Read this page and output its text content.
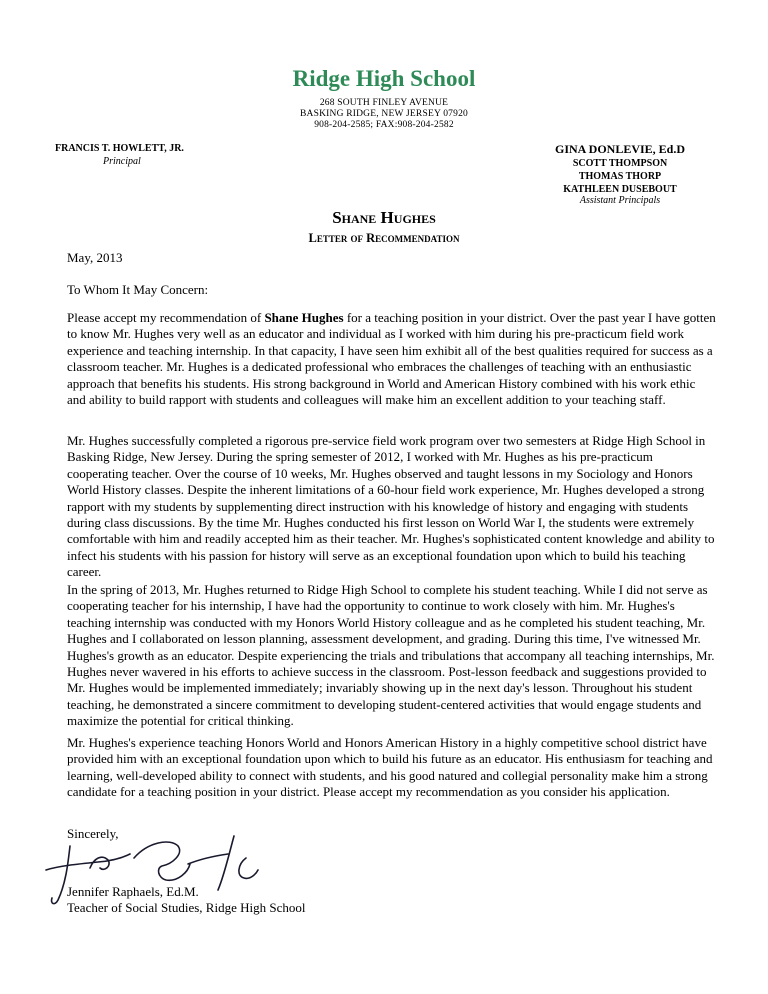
Ridge High School
268 SOUTH FINLEY AVENUE
BASKING RIDGE, NEW JERSEY 07920
908-204-2585; FAX:908-204-2582
FRANCIS T. HOWLETT, JR.
Principal
GINA DONLEVIE, Ed.D
SCOTT THOMPSON
THOMAS THORP
KATHLEEN DUSEBOUT
Assistant Principals
Shane Hughes
Letter of Recommendation
May, 2013
To Whom It May Concern:

Please accept my recommendation of Shane Hughes for a teaching position in your district. Over the past year I have gotten to know Mr. Hughes very well as an educator and individual as I worked with him during his pre-practicum field work experience and teaching internship. In that capacity, I have seen him exhibit all of the best qualities required for success as a classroom teacher. Mr. Hughes is a dedicated professional who embraces the challenges of teaching with an enthusiastic approach that benefits his students. His strong background in World and American History combined with his work ethic and ability to build rapport with students and colleagues will make him an excellent addition to your teaching staff.

Mr. Hughes successfully completed a rigorous pre-service field work program over two semesters at Ridge High School in Basking Ridge, New Jersey. During the spring semester of 2012, I worked with Mr. Hughes as his pre-practicum cooperating teacher. Over the course of 10 weeks, Mr. Hughes observed and taught lessons in my Sociology and Honors World History classes. Despite the inherent limitations of a 60-hour field work experience, Mr. Hughes developed a strong rapport with my students by supplementing direct instruction with his knowledge of history and engaging with students during class discussions. By the time Mr. Hughes conducted his first lesson on World War I, the students were extremely comfortable with him and readily accepted him as their teacher. Mr. Hughes's sophisticated content knowledge and ability to infect his students with his passion for history will serve as an exceptional foundation upon which to build his teaching career.

In the spring of 2013, Mr. Hughes returned to Ridge High School to complete his student teaching. While I did not serve as cooperating teacher for his internship, I have had the opportunity to continue to work closely with him. Mr. Hughes's teaching internship was conducted with my Honors World History colleague and as he completed his student teaching, Mr. Hughes and I collaborated on lesson planning, assessment development, and grading. During this time, I've witnessed Mr. Hughes's growth as an educator. Despite experiencing the trials and tribulations that accompany all teaching internships, Mr. Hughes never wavered in his efforts to achieve success in the classroom. Post-lesson feedback and suggestions provided to Mr. Hughes would be implemented immediately; invariably showing up in the next day's lesson. Throughout his student teaching, he demonstrated a sincere commitment to developing student-centered activities that would engage students and maximize the potential for critical thinking.

Mr. Hughes's experience teaching Honors World and Honors American History in a highly competitive school district have provided him with an exceptional foundation upon which to build his future as an educator. His enthusiasm for teaching and learning, well-developed ability to connect with students, and his good natured and collegial personality make him a strong candidate for a teaching position in your district. Please accept my recommendation as you consider his application.

Sincerely,
Jennifer Raphaels, Ed.M.
Teacher of Social Studies, Ridge High School
